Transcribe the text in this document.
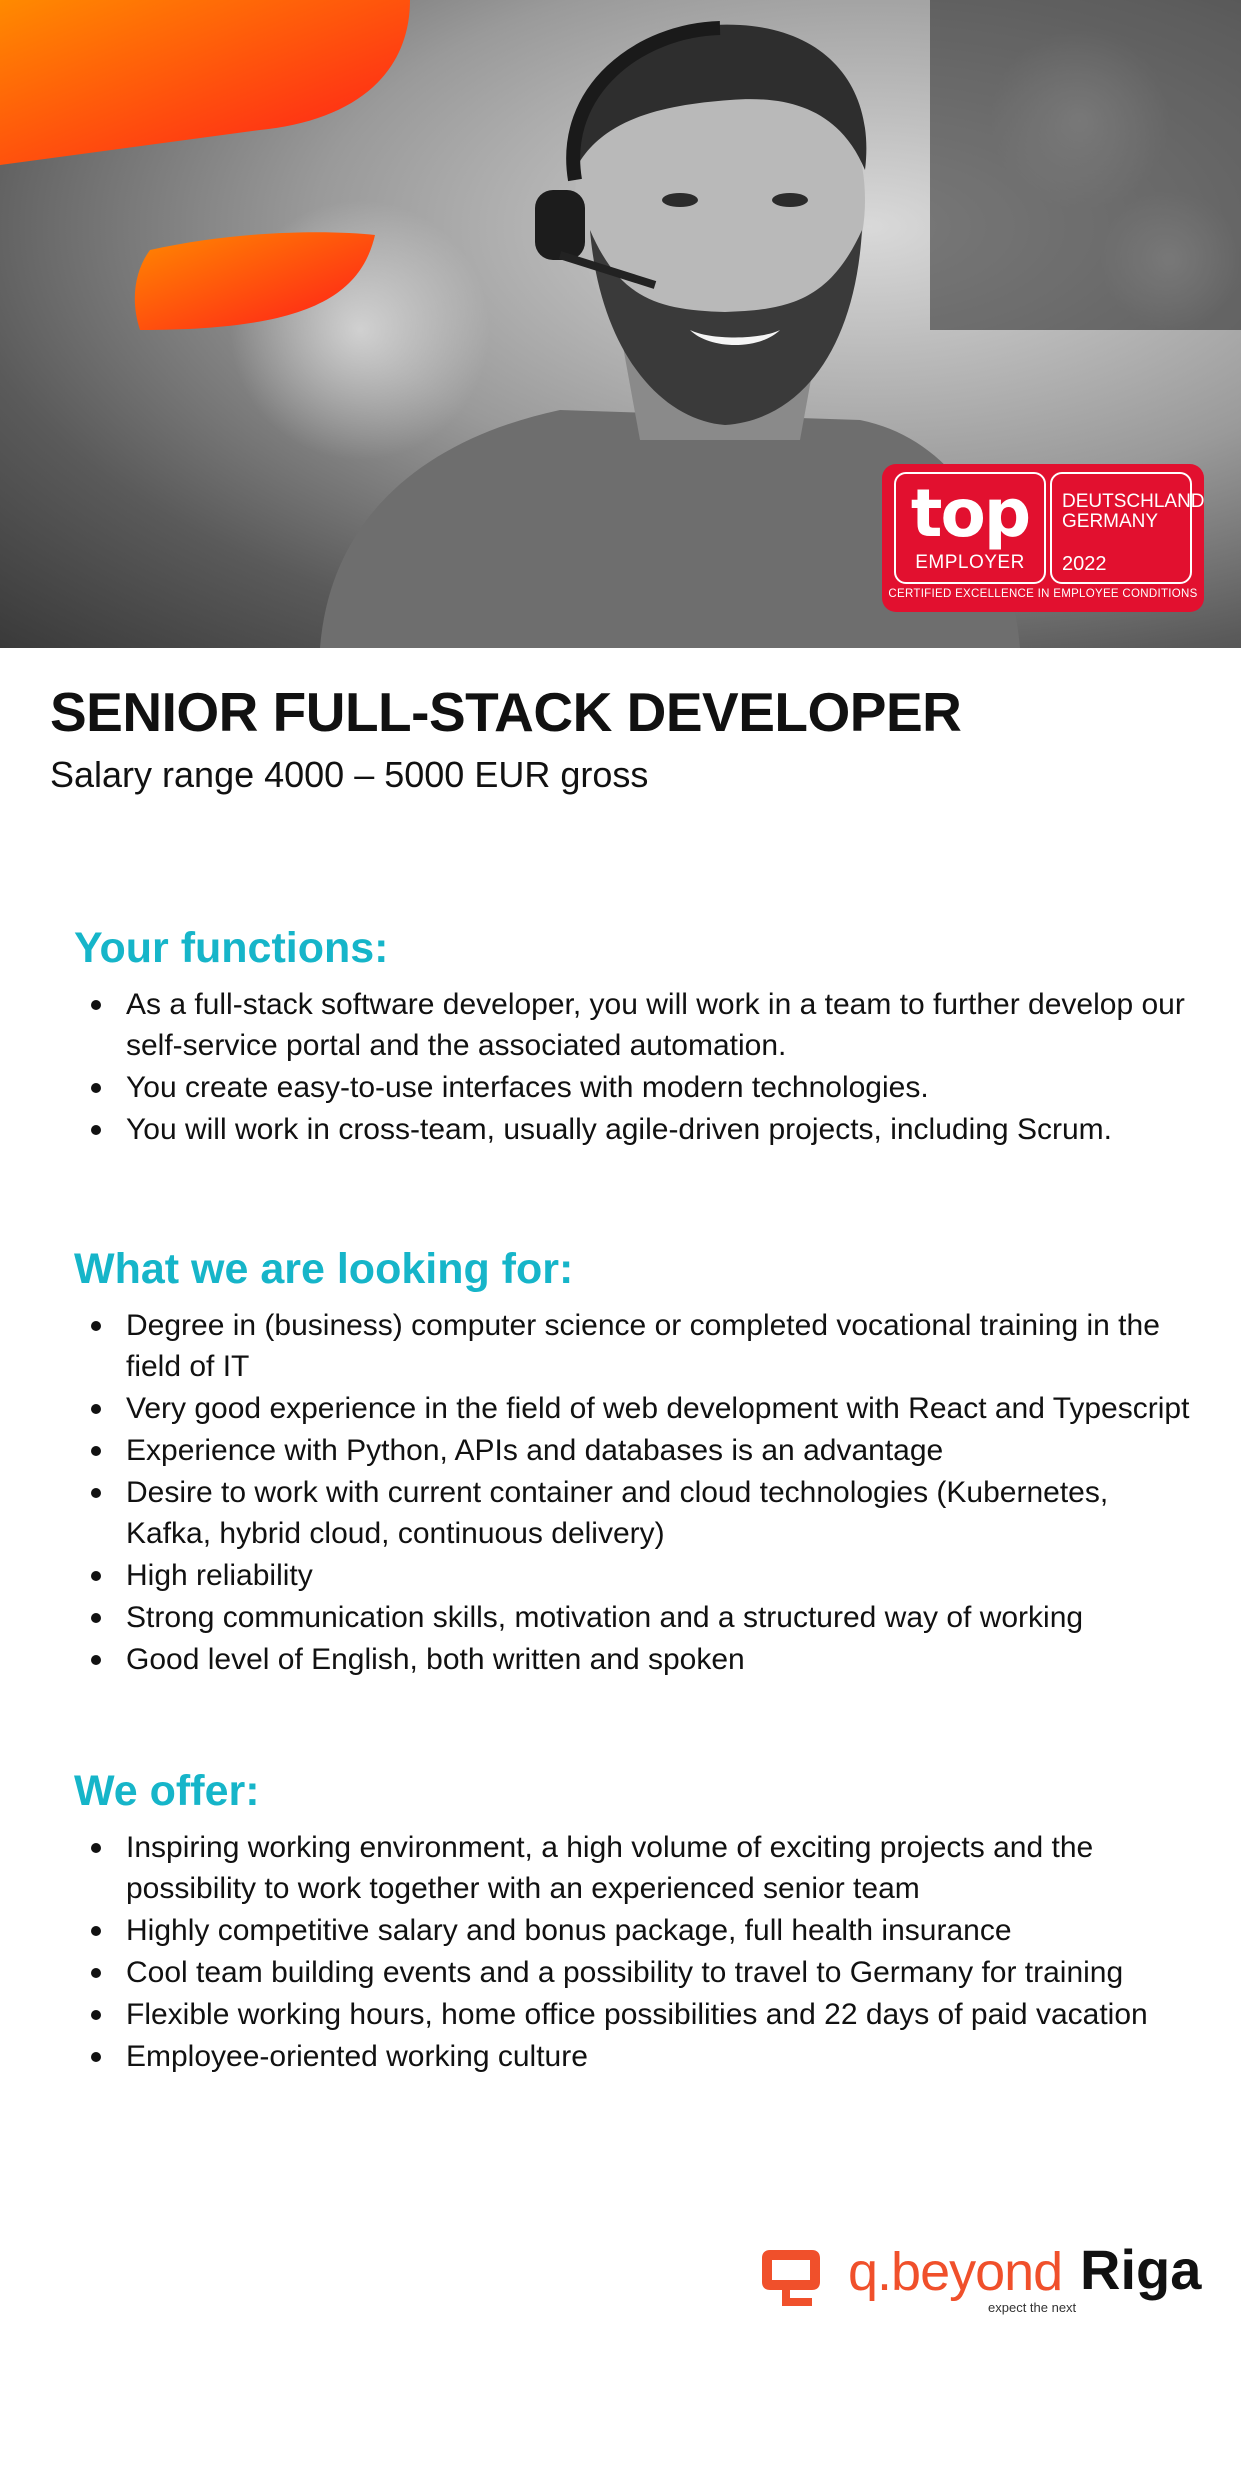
top
EMPLOYER
DEUTSCHLAND
GERMANY
2022
CERTIFIED EXCELLENCE IN EMPLOYEE CONDITIONS
SENIOR FULL-STACK DEVELOPER
Salary range 4000 – 5000 EUR gross
Your functions:
As a full-stack software developer, you will work in a team to further develop our self-service portal and the associated automation.
You create easy-to-use interfaces with modern technologies.
You will work in cross-team, usually agile-driven projects, including Scrum.
What we are looking for:
Degree in (business) computer science or completed vocational training in the field of IT
Very good experience in the field of web development with React and Typescript
Experience with Python, APIs and databases is an advantage
Desire to work with current container and cloud technologies (Kubernetes, Kafka, hybrid cloud, continuous delivery)
High reliability
Strong communication skills, motivation and a structured way of working
Good level of English, both written and spoken
We offer:
Inspiring working environment, a high volume of exciting projects and the possibility to work together with an experienced senior team
Highly competitive salary and bonus package, full health insurance
Cool team building events and a possibility to travel to Germany for training
Flexible working hours, home office possibilities and 22 days of paid vacation
Employee-oriented working culture
q.beyond
expect the next
Riga
